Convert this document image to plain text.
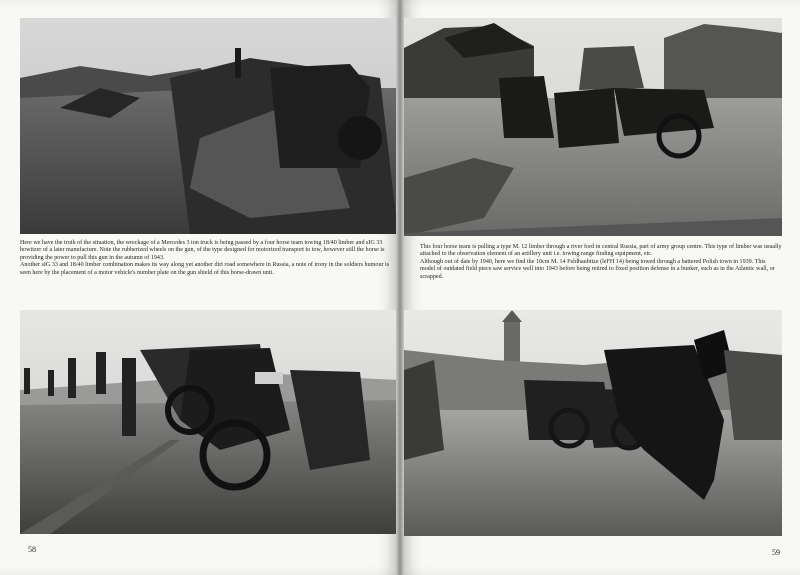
Here we have the truth of the situation, the wreckage of a Mercedes 3 ton truck is being passed by a four horse team towing 18/40 limber and sIG 33 howitzer of a later manufacture. Note the rubberized wheels on the gun, of the type designed for motorized transport to tow, however still the horse is providing the power to pull this gun in the autumn of 1943.

Another sIG 33 and 18/40 limber combination makes its way along yet another dirt road somewhere in Russia, a note of irony in the soldiers humour is seen here by the placement of a motor vehicle's number plate on the gun shield of this horse-drawn unit.

58

This four horse team is pulling a type M. 12 limber through a river ford in central Russia, part of army group centre. This type of limber was usually attached to the observation element of an artillery unit i.e. towing range finding equipment, etc.

Although out of date by 1940, here we find the 10cm M. 14 Feldhaubitze (leFH 14) being towed through a battered Polish town in 1939. This model of outdated field piece saw service well into 1943 before being retired to fixed position defense in a bunker, such as in the Atlantic wall, or scrapped.

59
